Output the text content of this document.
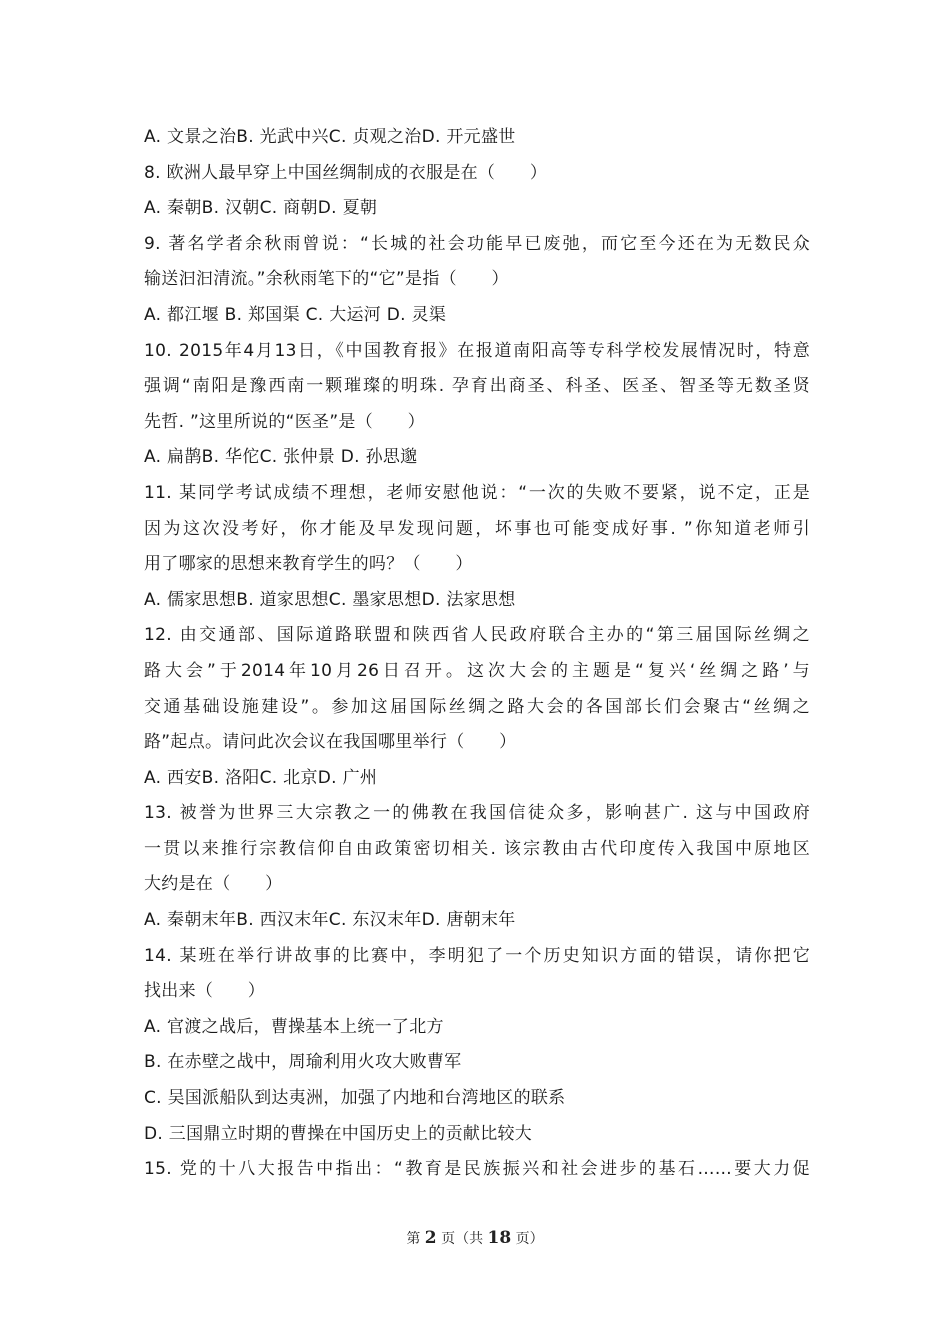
A. 文景之治B. 光武中兴C. 贞观之治D. 开元盛世
8. 欧洲人最早穿上中国丝绸制成的衣服是在（　　）
A. 秦朝B. 汉朝C. 商朝D. 夏朝
9. 著名学者余秋雨曾说：“长城的社会功能早已废弛，而它至今还在为无数民众
输送汩汩清流。”余秋雨笔下的“它”是指（　　）
A. 都江堰 B. 郑国渠 C. 大运河 D. 灵渠
10. 2015年4月13日，《中国教育报》在报道南阳高等专科学校发展情况时，特意
强调“南阳是豫西南一颗璀璨的明珠. 孕育出商圣、科圣、医圣、智圣等无数圣贤
先哲. ”这里所说的“医圣”是（　　）
A. 扁鹊B. 华佗C. 张仲景 D. 孙思邈
11. 某同学考试成绩不理想，老师安慰他说：“一次的失败不要紧，说不定，正是
因为这次没考好，你才能及早发现问题，坏事也可能变成好事. ”你知道老师引
用了哪家的思想来教育学生的吗？（　　）
A. 儒家思想B. 道家思想C. 墨家思想D. 法家思想
12. 由交通部、国际道路联盟和陕西省人民政府联合主办的“第三届国际丝绸之
路大会”于2014年10月26日召开。这次大会的主题是“复兴‘丝绸之路’与
交通基础设施建设”。参加这届国际丝绸之路大会的各国部长们会聚古“丝绸之
路”起点。请问此次会议在我国哪里举行（　　）
A. 西安B. 洛阳C. 北京D. 广州
13. 被誉为世界三大宗教之一的佛教在我国信徒众多，影响甚广. 这与中国政府
一贯以来推行宗教信仰自由政策密切相关. 该宗教由古代印度传入我国中原地区
大约是在（　　）
A. 秦朝末年B. 西汉末年C. 东汉末年D. 唐朝末年
14. 某班在举行讲故事的比赛中，李明犯了一个历史知识方面的错误，请你把它
找出来（　　）
A. 官渡之战后，曹操基本上统一了北方
B. 在赤壁之战中，周瑜利用火攻大败曹军
C. 吴国派船队到达夷洲，加强了内地和台湾地区的联系
D. 三国鼎立时期的曹操在中国历史上的贡献比较大
15. 党的十八大报告中指出：“教育是民族振兴和社会进步的基石……要大力促
第 2 页（共 18 页）
